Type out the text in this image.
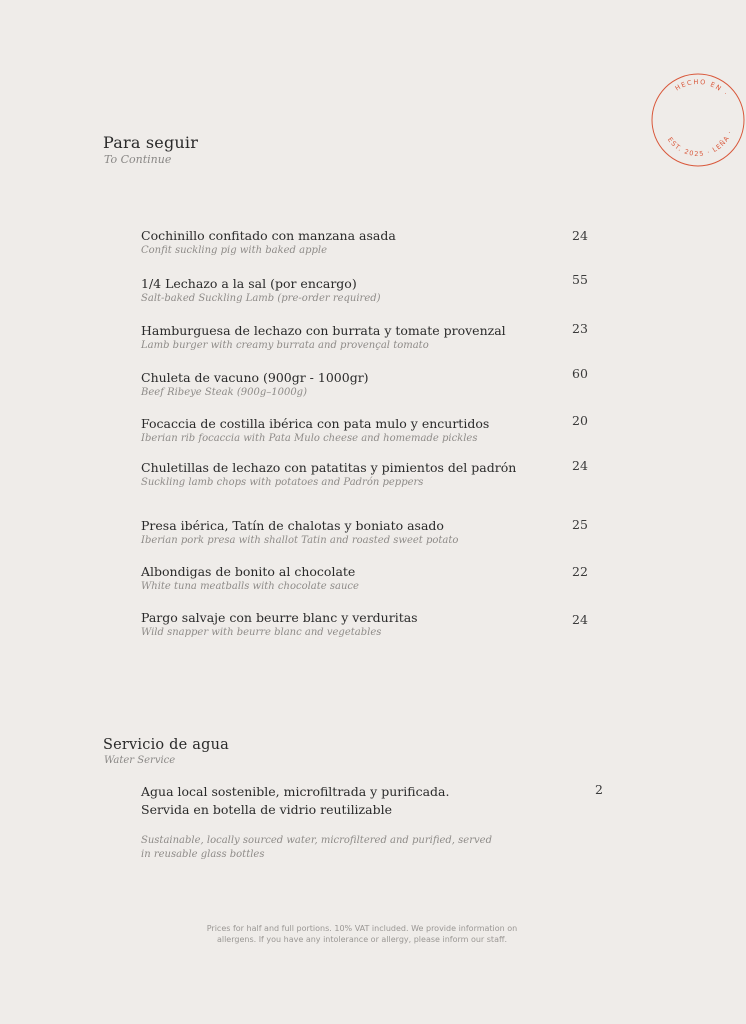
HECHO EN ·
EST. 2025 · LEÑA ·
Para seguir

To Continue

Cochinillo confitado con manzana asada
Confit suckling pig with baked apple
24
1/4 Lechazo a la sal (por encargo)
Salt-baked Suckling Lamb (pre-order required)
55
Hamburguesa de lechazo con burrata y tomate provenzal
Lamb burger with creamy burrata and provençal tomato
23
Chuleta de vacuno (900gr - 1000gr)
Beef Ribeye Steak (900g–1000g)
60
Focaccia de costilla ibérica con pata mulo y encurtidos
Iberian rib focaccia with Pata Mulo cheese and homemade pickles
20
Chuletillas de lechazo con patatitas y pimientos del padrón
Suckling lamb chops with potatoes and Padrón peppers
24
Presa ibérica, Tatín de chalotas y boniato asado
Iberian pork presa with shallot Tatin and roasted sweet potato
25
Albondigas de bonito al chocolate
White tuna meatballs with chocolate sauce
22
Pargo salvaje con beurre blanc y verduritas
Wild snapper with beurre blanc and vegetables
24
Servicio de agua

Water Service

Agua local sostenible, microfiltrada y purificada.
Servida en botella de vidrio reutilizable
2
Sustainable, locally sourced water, microfiltered and purified, served in reusable glass bottles
Prices for half and full portions. 10% VAT included. We provide information on allergens. If you have any intolerance or allergy, please inform our staff.
